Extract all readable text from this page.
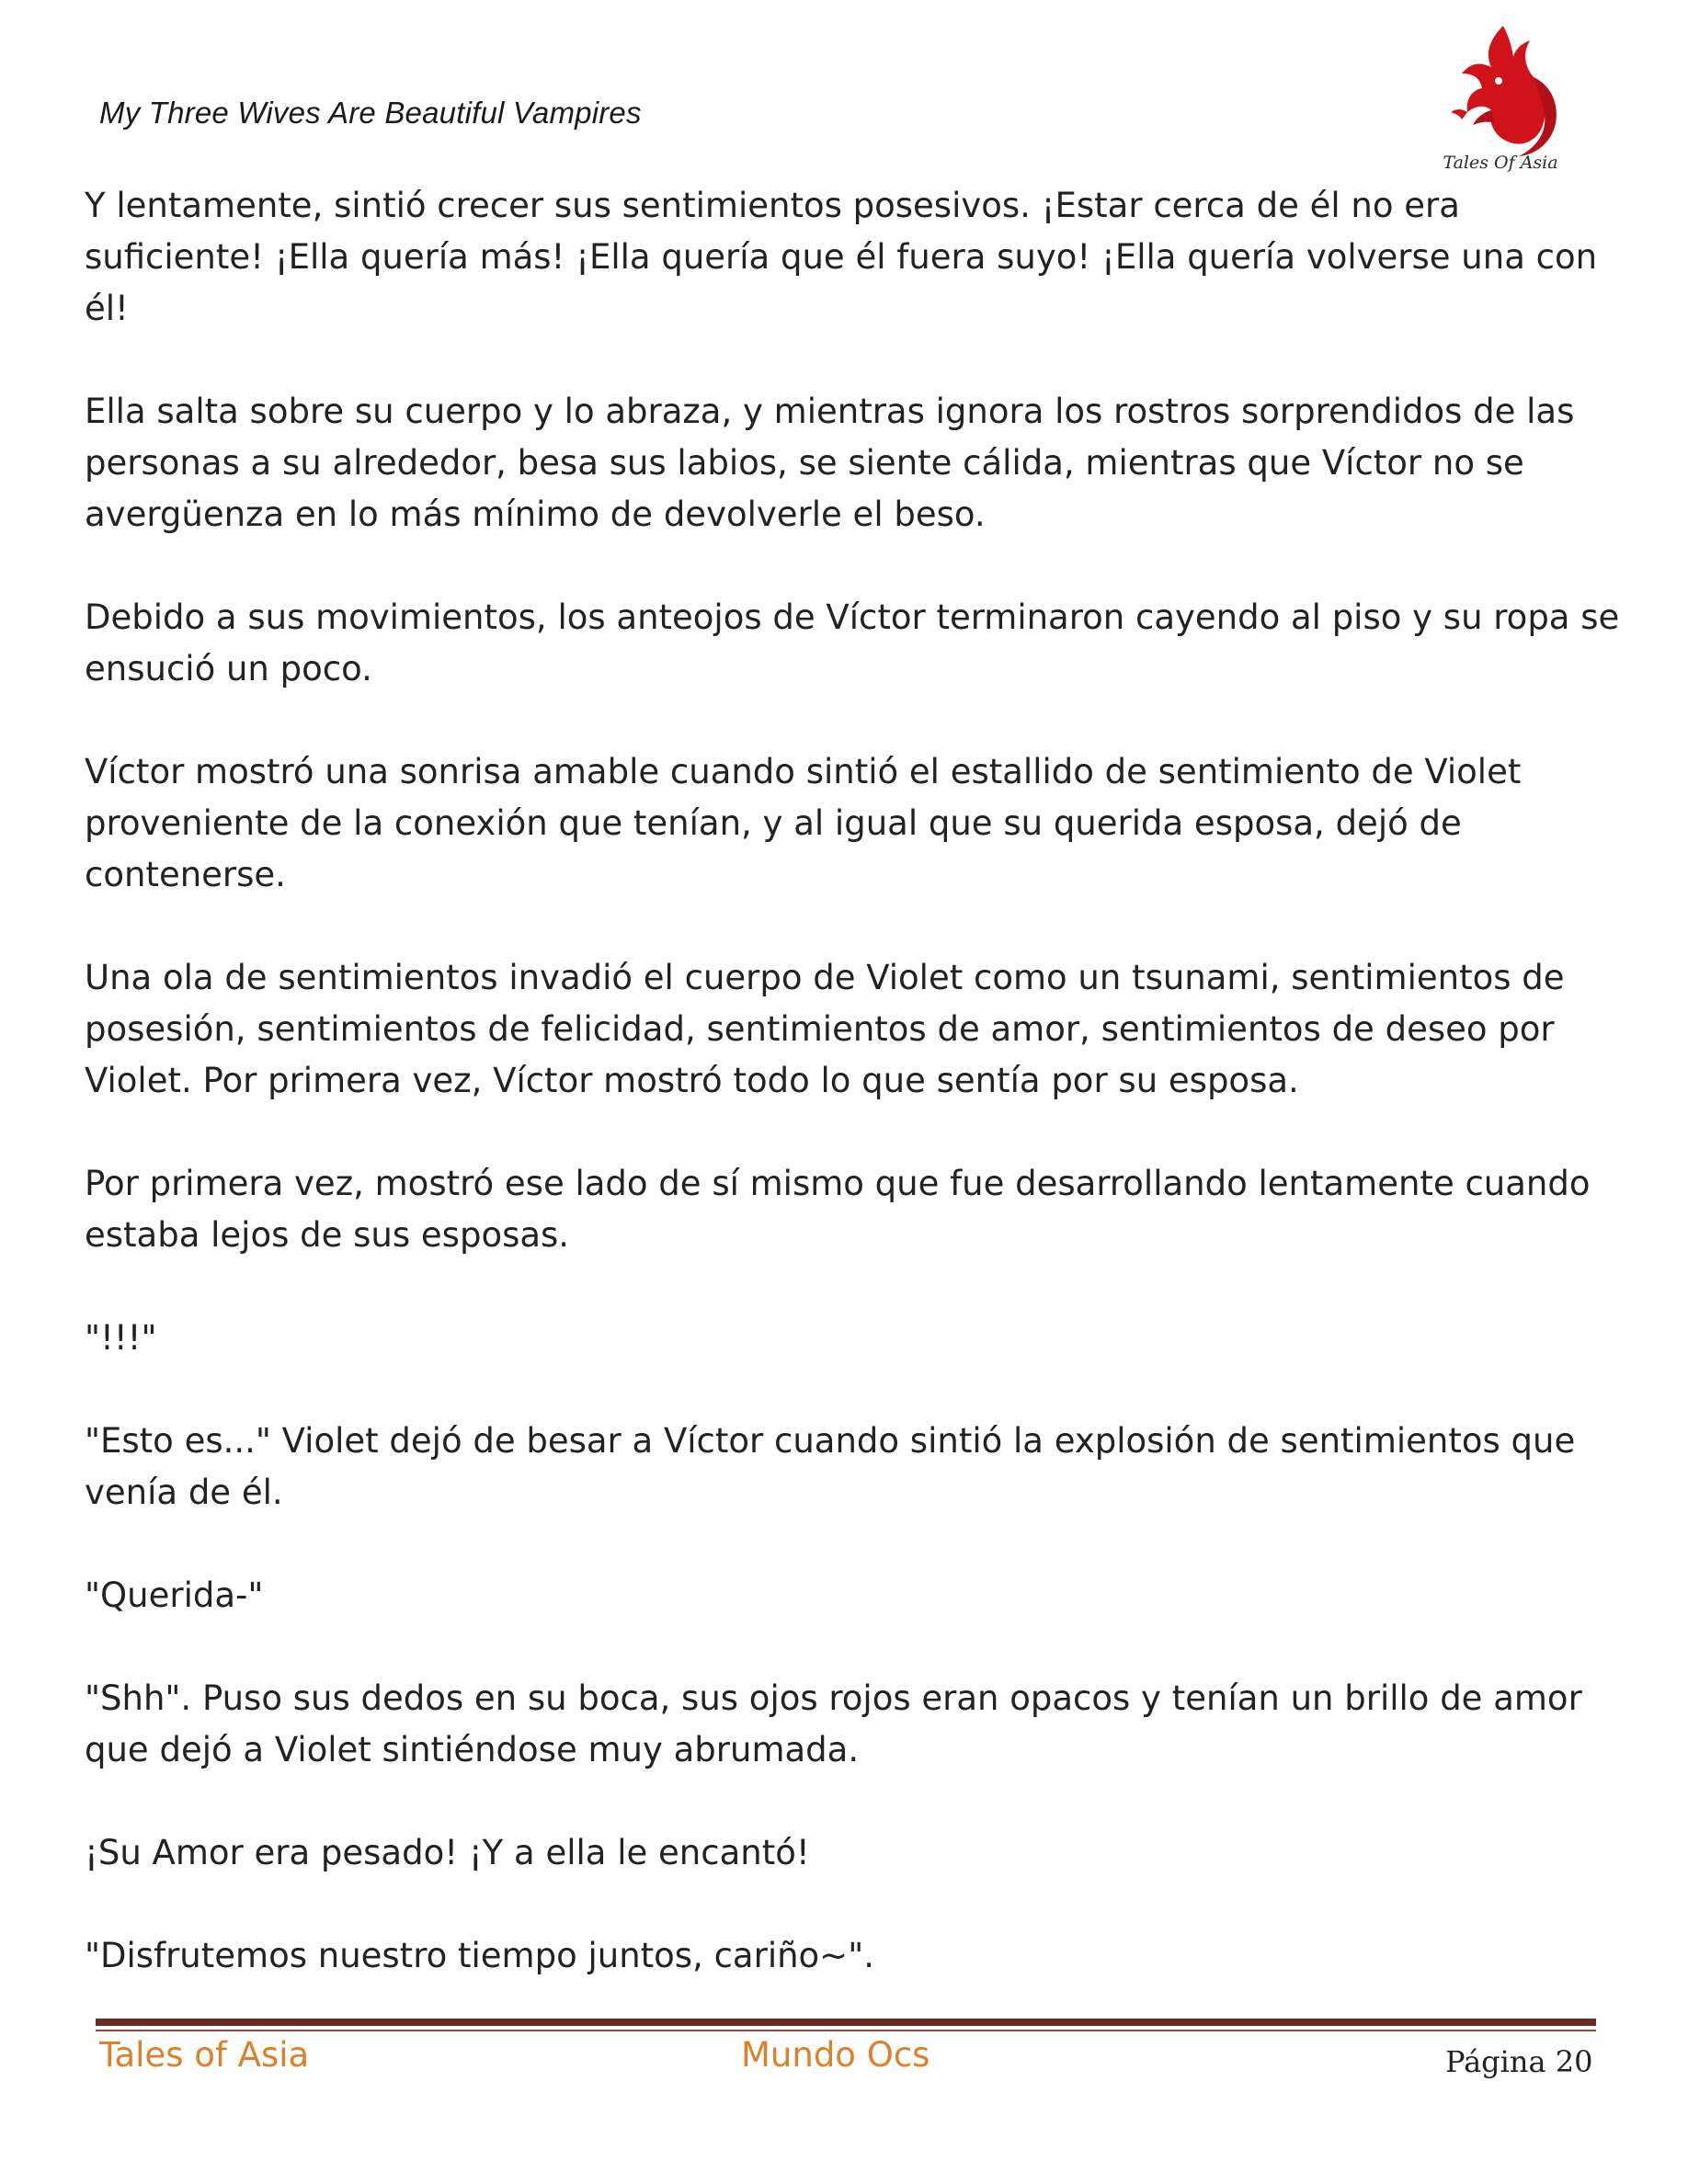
My Three Wives Are Beautiful Vampires
Tales Of Asia

Y lentamente, sintió crecer sus sentimientos posesivos. ¡Estar cerca de él no era suficiente! ¡Ella quería más! ¡Ella quería que él fuera suyo! ¡Ella quería volverse una con él!

Ella salta sobre su cuerpo y lo abraza, y mientras ignora los rostros sorprendidos de las personas a su alrededor, besa sus labios, se siente cálida, mientras que Víctor no se avergüenza en lo más mínimo de devolverle el beso.

Debido a sus movimientos, los anteojos de Víctor terminaron cayendo al piso y su ropa se ensució un poco.

Víctor mostró una sonrisa amable cuando sintió el estallido de sentimiento de Violet proveniente de la conexión que tenían, y al igual que su querida esposa, dejó de contenerse.

Una ola de sentimientos invadió el cuerpo de Violet como un tsunami, sentimientos de posesión, sentimientos de felicidad, sentimientos de amor, sentimientos de deseo por Violet. Por primera vez, Víctor mostró todo lo que sentía por su esposa.

Por primera vez, mostró ese lado de sí mismo que fue desarrollando lentamente cuando estaba lejos de sus esposas.

"!!!"

"Esto es..." Violet dejó de besar a Víctor cuando sintió la explosión de sentimientos que venía de él.

"Querida-"

"Shh". Puso sus dedos en su boca, sus ojos rojos eran opacos y tenían un brillo de amor que dejó a Violet sintiéndose muy abrumada.

¡Su Amor era pesado! ¡Y a ella le encantó!

"Disfrutemos nuestro tiempo juntos, cariño~".

Tales of Asia	Mundo Ocs	Página 20
